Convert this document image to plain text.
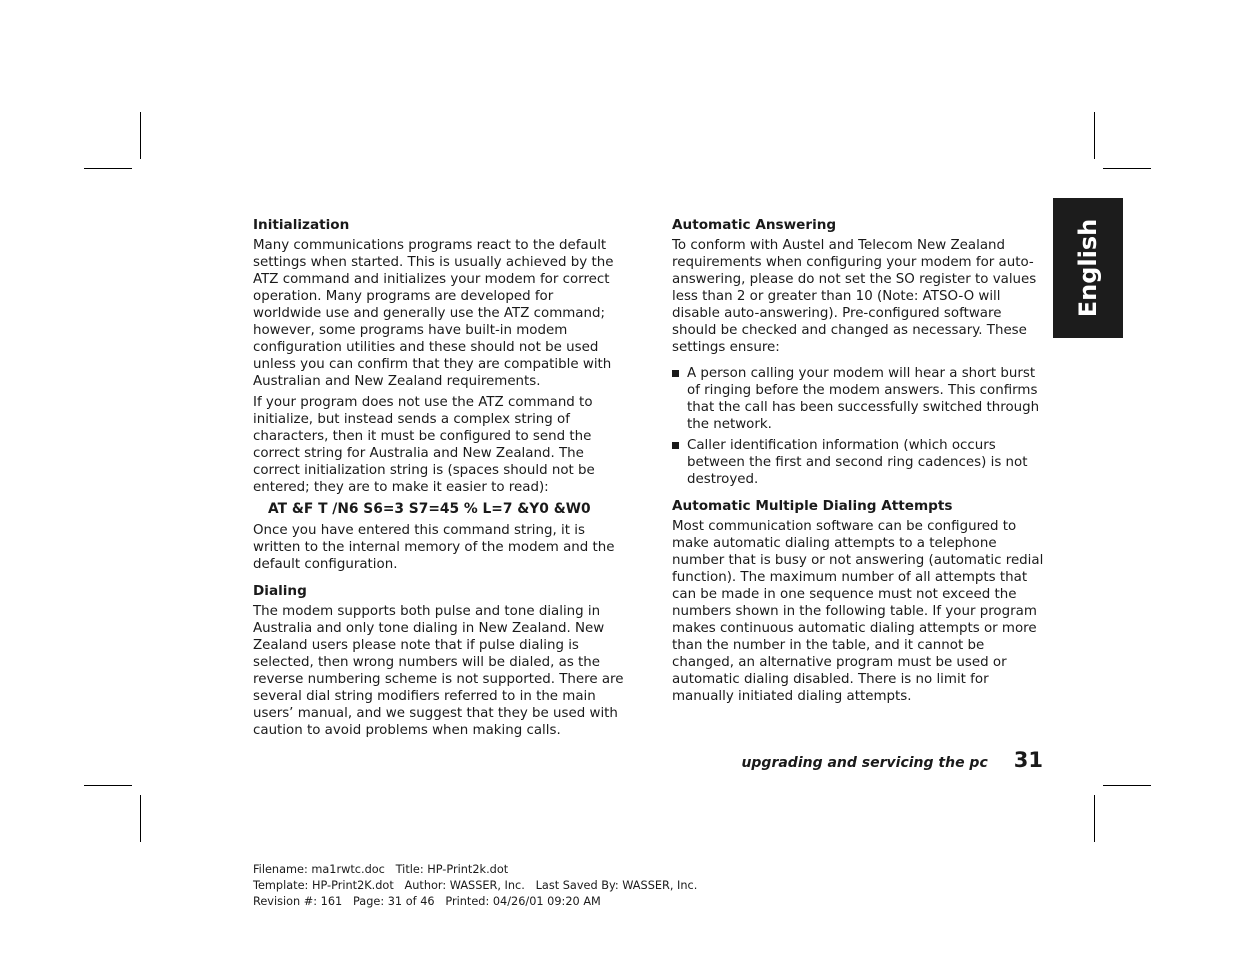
Initialization

Many communications programs react to the default settings when started. This is usually achieved by the ATZ command and initializes your modem for correct operation. Many programs are developed for worldwide use and generally use the ATZ command; however, some programs have built-in modem configuration utilities and these should not be used unless you can confirm that they are compatible with Australian and New Zealand requirements.

If your program does not use the ATZ command to initialize, but instead sends a complex string of characters, then it must be configured to send the correct string for Australia and New Zealand. The correct initialization string is (spaces should not be entered; they are to make it easier to read):

AT &F T /N6 S6=3 S7=45 % L=7 &Y0 &W0

Once you have entered this command string, it is written to the internal memory of the modem and the default configuration.

Dialing

The modem supports both pulse and tone dialing in Australia and only tone dialing in New Zealand. New Zealand users please note that if pulse dialing is selected, then wrong numbers will be dialed, as the reverse numbering scheme is not supported. There are several dial string modifiers referred to in the main users’ manual, and we suggest that they be used with caution to avoid problems when making calls.

Automatic Answering

To conform with Austel and Telecom New Zealand requirements when configuring your modem for auto-answering, please do not set the SO register to values less than 2 or greater than 10 (Note: ATSO-O will disable auto-answering). Pre-configured software should be checked and changed as necessary. These settings ensure:

A person calling your modem will hear a short burst of ringing before the modem answers. This confirms that the call has been successfully switched through the network.
Caller identification information (which occurs between the first and second ring cadences) is not destroyed.
Automatic Multiple Dialing Attempts

Most communication software can be configured to make automatic dialing attempts to a telephone number that is busy or not answering (automatic redial function). The maximum number of all attempts that can be made in one sequence must not exceed the numbers shown in the following table. If your program makes continuous automatic dialing attempts or more than the number in the table, and it cannot be changed, an alternative program must be used or automatic dialing disabled. There is no limit for manually initiated dialing attempts.

English
upgrading and servicing the pc 31
Filename: ma1rwtc.doc   Title: HP-Print2k.dot
Template: HP-Print2K.dot   Author: WASSER, Inc.   Last Saved By: WASSER, Inc.
Revision #: 161   Page: 31 of 46   Printed: 04/26/01 09:20 AM
